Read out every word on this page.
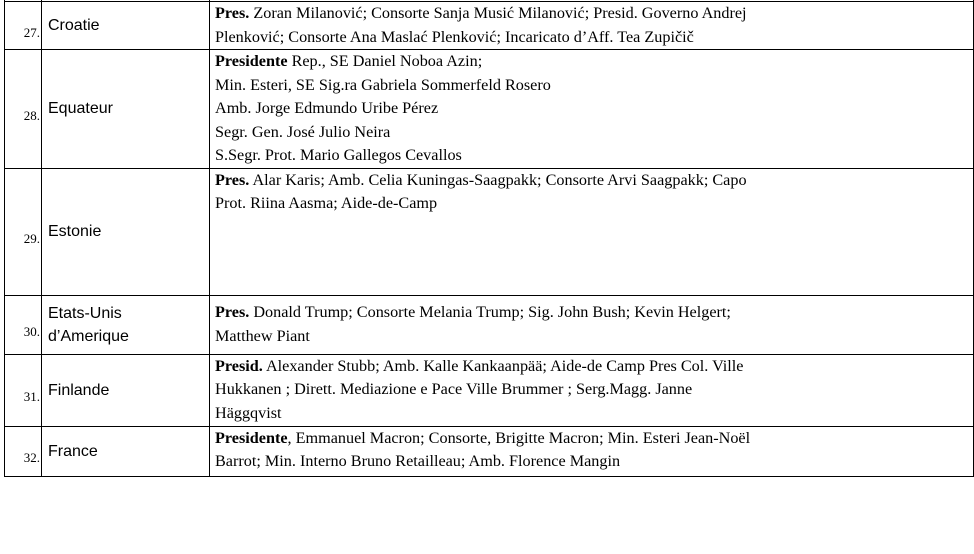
27.	Croatie	Pres. Zoran Milanović; Consorte Sanja Musić Milanović; Presid. Governo Andrej
Plenković; Consorte Ana Maslać Plenković; Incaricato d’Aff. Tea Zupičič

28.	Equateur	Presidente Rep., SE Daniel Noboa Azin;
Min. Esteri, SE Sig.ra Gabriela Sommerfeld Rosero
Amb. Jorge Edmundo Uribe Pérez
Segr. Gen. José Julio Neira
S.Segr. Prot. Mario Gallegos Cevallos

29.	Estonie	Pres. Alar Karis; Amb. Celia Kuningas-Saagpakk; Consorte Arvi Saagpakk; Capo
Prot. Riina Aasma; Aide-de-Camp

30.	Etats-Unis
d’Amerique	Pres. Donald Trump; Consorte Melania Trump; Sig. John Bush; Kevin Helgert;
Matthew Piant

31.	Finlande	Presid. Alexander Stubb; Amb. Kalle Kankaanpää; Aide-de Camp Pres Col. Ville
Hukkanen ; Dirett. Mediazione e Pace Ville Brummer ; Serg.Magg. Janne
Häggqvist

32.	France	Presidente, Emmanuel Macron; Consorte, Brigitte Macron; Min. Esteri Jean-Noël
Barrot; Min. Interno Bruno Retailleau; Amb. Florence Mangin
